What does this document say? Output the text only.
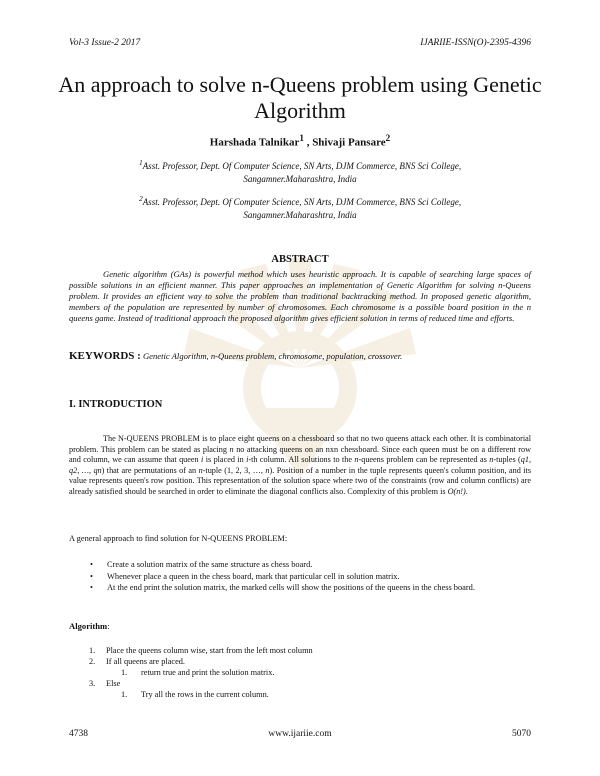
Vol-3 Issue-2 2017	IJARIIE-ISSN(O)-2395-4396
An approach to solve n-Queens problem using Genetic Algorithm
Harshada Talnikar$^1$ , Shivaji Pansare$^2$
$^1$Asst. Professor, Dept. Of Computer Science, SN Arts, DJM Commerce, BNS Sci College,
Sangamner.Maharashtra, India
$^2$Asst. Professor, Dept. Of Computer Science, SN Arts, DJM Commerce, BNS Sci College,
Sangamner.Maharashtra, India
ABSTRACT

Genetic algorithm (GAs) is powerful method which uses heuristic approach. It is capable of searching large spaces of possible solutions in an efficient manner. This paper approaches an implementation of Genetic Algorithm for solving n-Queens problem. It provides an efficient way to solve the problem than traditional backtracking method. In proposed genetic algorithm, members of the population are represented by number of chromosomes. Each chromosome is a possible board position in the n queens game. Instead of traditional approach the proposed algorithm gives efficient solution in terms of reduced time and efforts.

KEYWORDS : Genetic Algorithm, n-Queens problem, chromosome, population, crossover.
I. INTRODUCTION

The N-QUEENS PROBLEM is to place eight queens on a chessboard so that no two queens attack each other. It is combinatorial problem. This problem can be stated as placing n no attacking queens on an nxn chessboard. Since each queen must be on a different row and column, we can assume that queen i is placed in i-th column. All solutions to the n-queens problem can be represented as n-tuples (q1, q2, …, qn) that are permutations of an n-tuple (1, 2, 3, …, n). Position of a number in the tuple represents queen's column position, and its value represents queen's row position. This representation of the solution space where two of the constraints (row and column conflicts) are already satisfied should be searched in order to eliminate the diagonal conflicts also. Complexity of this problem is O(n!).

A general approach to find solution for N-QUEENS PROBLEM:
• Create a solution matrix of the same structure as chess board.
• Whenever place a queen in the chess board, mark that particular cell in solution matrix.
• At the end print the solution matrix, the marked cells will show the positions of the queens in the chess board.
Algorithm:
1. Place the queens column wise, start from the left most column
2. If all queens are placed.
1. return true and print the solution matrix.
3. Else
1. Try all the rows in the current column.
4738	www.ijariie.com	5070
